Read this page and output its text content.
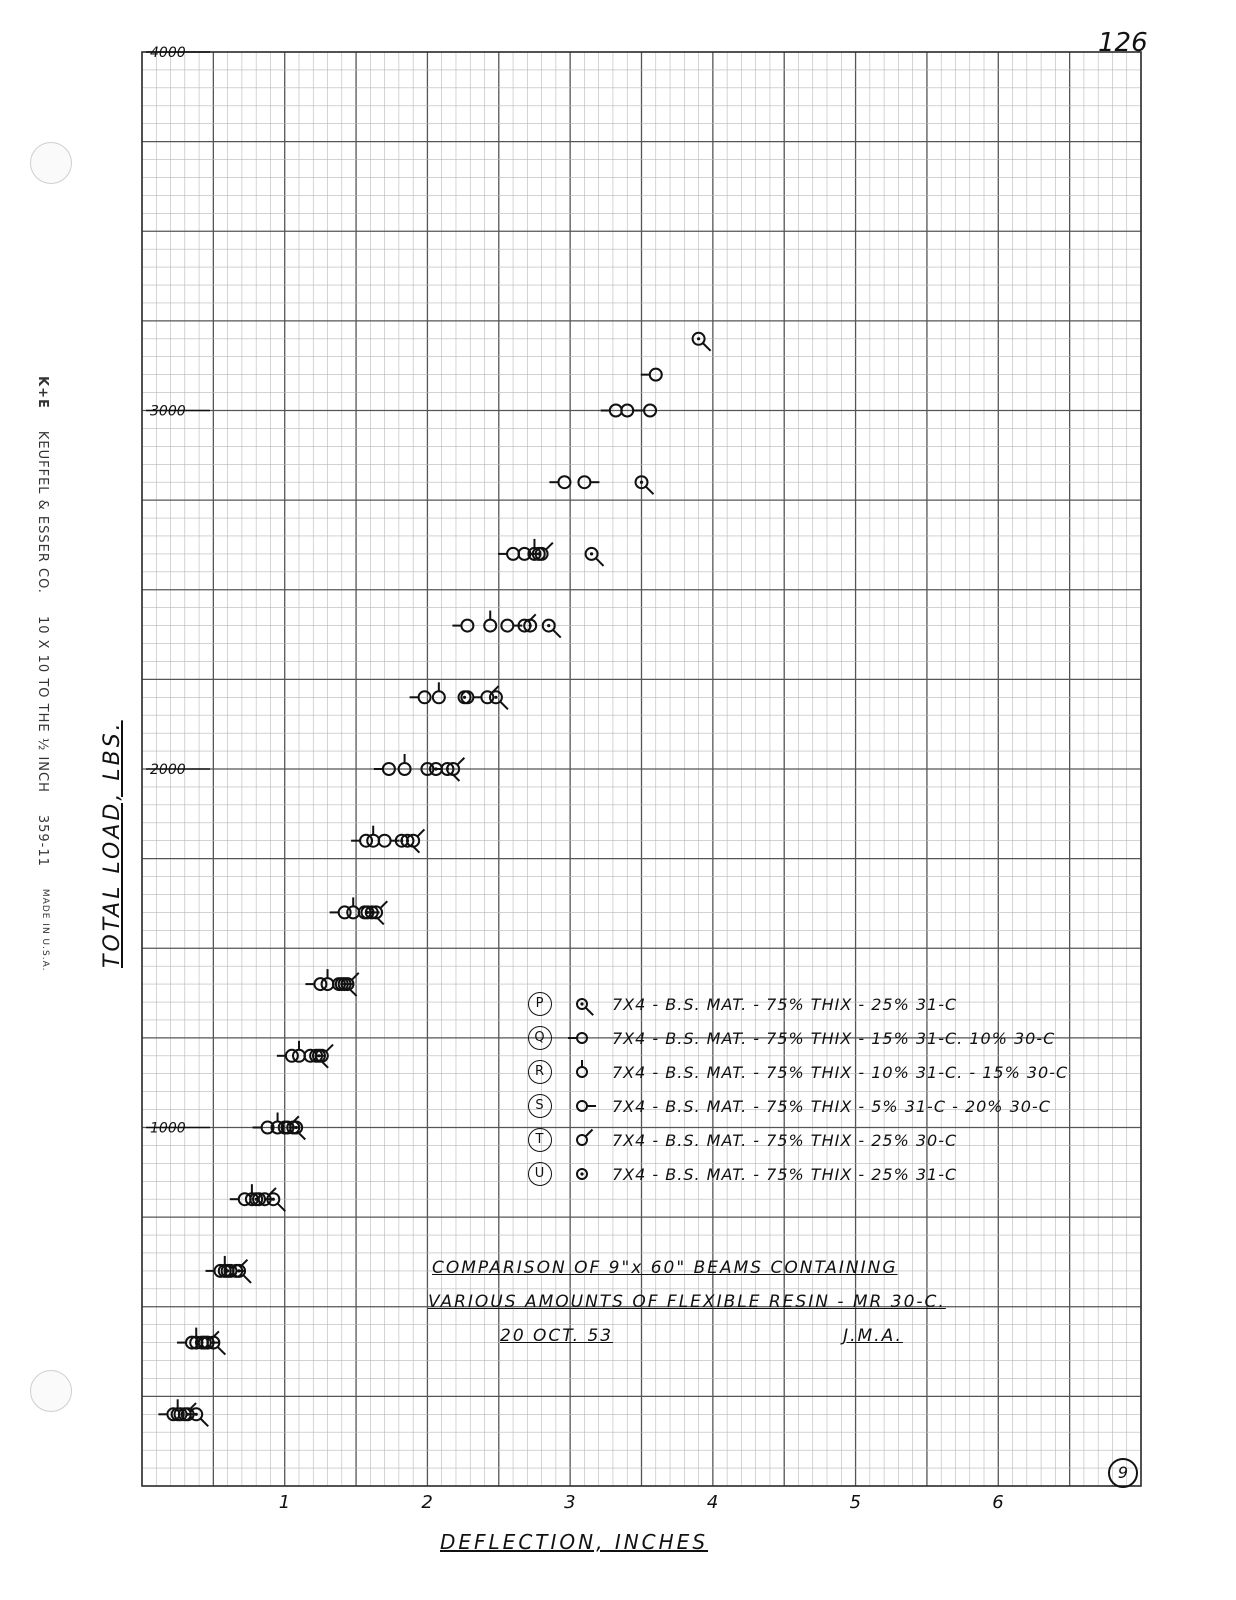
1	2	3	4	5	6
1000
2000
3000
4000	126
K+E
KEUFFEL & ESSER CO.
10 X 10 TO THE ½ INCH
359-11
MADE IN U.S.A. TOTAL LOAD, LBS.
DEFLECTION, INCHES
P	7X4 - B.S. MAT. - 75% THIX - 25% 31-C
Q	7X4 - B.S. MAT. - 75% THIX - 15% 31-C. 10% 30-C
R	7X4 - B.S. MAT. - 75% THIX - 10% 31-C. - 15% 30-C
S	7X4 - B.S. MAT. - 75% THIX - 5% 31-C - 20% 30-C
T	7X4 - B.S. MAT. - 75% THIX - 25% 30-C
U	7X4 - B.S. MAT. - 75% THIX - 25% 31-C
COMPARISON OF 9"x 60" BEAMS CONTAINING
VARIOUS AMOUNTS OF FLEXIBLE RESIN - MR 30-C.
20 OCT. 53	J.M.A.
9
